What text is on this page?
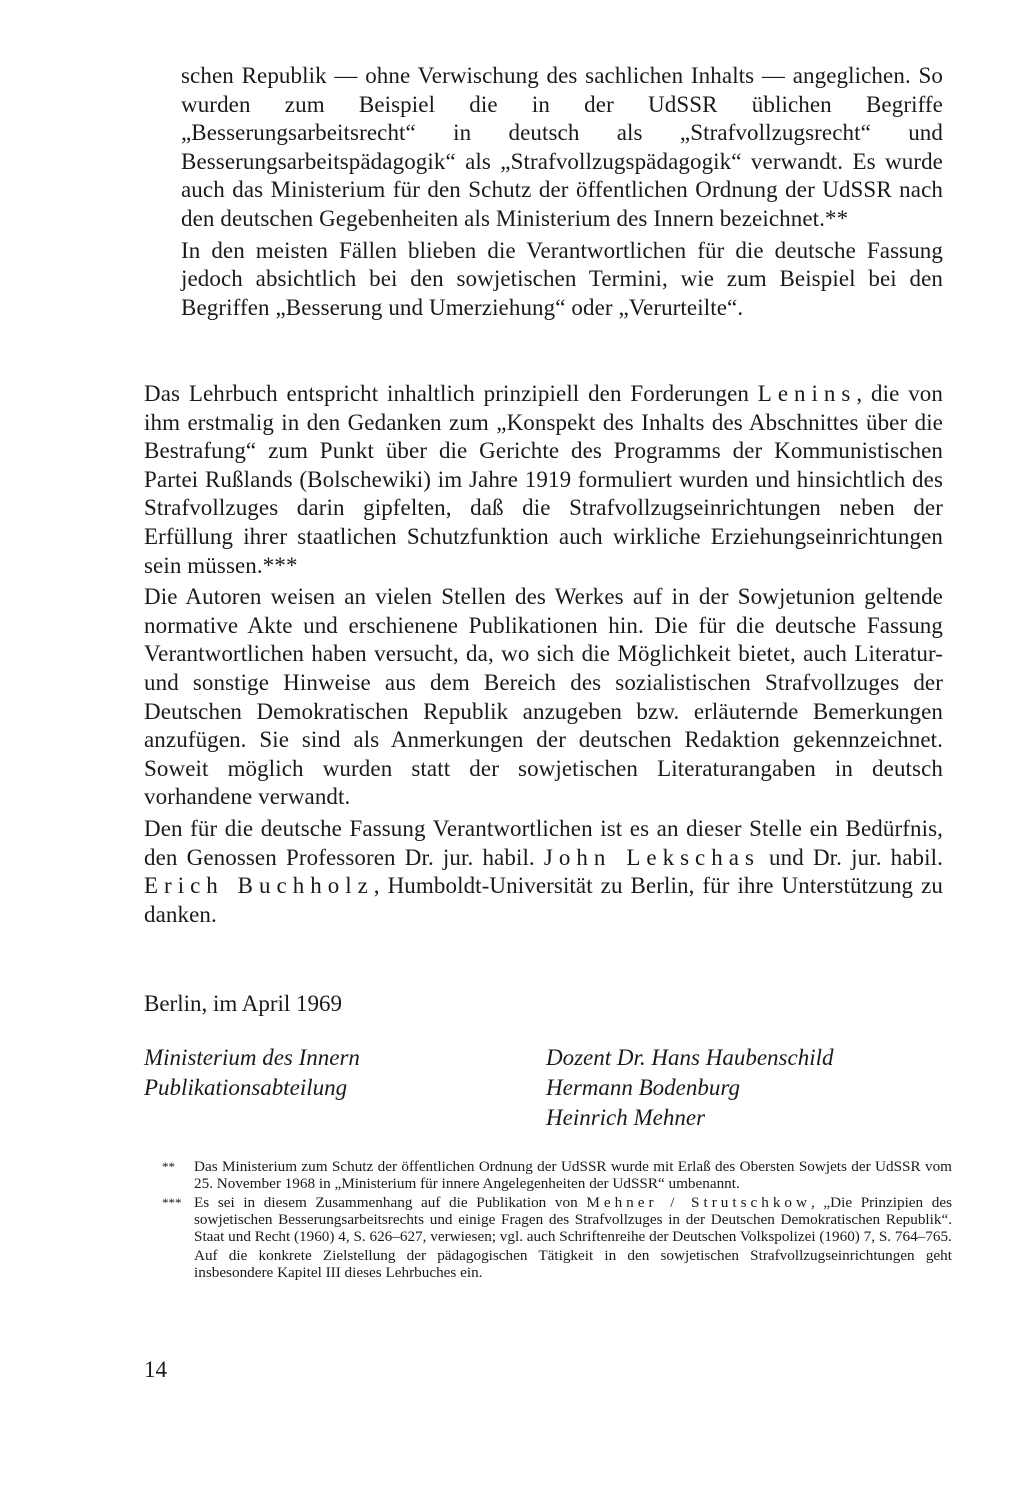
schen Republik — ohne Verwischung des sachlichen Inhalts — angeglichen. So wurden zum Beispiel die in der UdSSR üblichen Begriffe „Besserungsarbeitsrecht“ in deutsch als „Strafvollzugsrecht“ und Besserungsarbeitspädagogik“ als „Strafvollzugspädagogik“ verwandt. Es wurde auch das Ministerium für den Schutz der öffentlichen Ordnung der UdSSR nach den deutschen Gegebenheiten als Ministerium des Innern bezeichnet.**

In den meisten Fällen blieben die Verantwortlichen für die deutsche Fassung jedoch absichtlich bei den sowjetischen Termini, wie zum Beispiel bei den Begriffen „Besserung und Umerziehung“ oder „Verurteilte“.

Das Lehrbuch entspricht inhaltlich prinzipiell den Forderungen Lenins, die von ihm erstmalig in den Gedanken zum „Konspekt des Inhalts des Abschnittes über die Bestrafung“ zum Punkt über die Gerichte des Programms der Kommunistischen Partei Rußlands (Bolschewiki) im Jahre 1919 formuliert wurden und hinsichtlich des Strafvollzuges darin gipfelten, daß die Strafvollzugseinrichtungen neben der Erfüllung ihrer staatlichen Schutzfunktion auch wirkliche Erziehungseinrichtungen sein müssen.***

Die Autoren weisen an vielen Stellen des Werkes auf in der Sowjetunion geltende normative Akte und erschienene Publikationen hin. Die für die deutsche Fassung Verantwortlichen haben versucht, da, wo sich die Möglichkeit bietet, auch Literatur- und sonstige Hinweise aus dem Bereich des sozialistischen Strafvollzuges der Deutschen Demokratischen Republik anzugeben bzw. erläuternde Bemerkungen anzufügen. Sie sind als Anmerkungen der deutschen Redaktion gekennzeichnet. Soweit möglich wurden statt der sowjetischen Literaturangaben in deutsch vorhandene verwandt.

Den für die deutsche Fassung Verantwortlichen ist es an dieser Stelle ein Bedürfnis, den Genossen Professoren Dr. jur. habil. John Lekschas und Dr. jur. habil. Erich Buchholz, Humboldt-Universität zu Berlin, für ihre Unterstützung zu danken.

Berlin, im April 1969
Ministerium des Innern
Publikationsabteilung
Dozent Dr. Hans Haubenschild
Hermann Bodenburg
Heinrich Mehner
**	Das Ministerium zum Schutz der öffentlichen Ordnung der UdSSR wurde mit Erlaß des Obersten Sowjets der UdSSR vom 25. November 1968 in „Ministerium für innere Angelegenheiten der UdSSR“ umbenannt.
*** Es sei in diesem Zusammenhang auf die Publikation von Mehner / Strutschkow, „Die Prinzipien des sowjetischen Besserungsarbeitsrechts und einige Fragen des Strafvollzuges in der Deutschen Demokratischen Republik“. Staat und Recht (1960) 4, S. 626–627, verwiesen; vgl. auch Schriftenreihe der Deutschen Volkspolizei (1960) 7, S. 764–765.
Auf die konkrete Zielstellung der pädagogischen Tätigkeit in den sowjetischen Strafvollzugseinrichtungen geht insbesondere Kapitel III dieses Lehrbuches ein.
14
